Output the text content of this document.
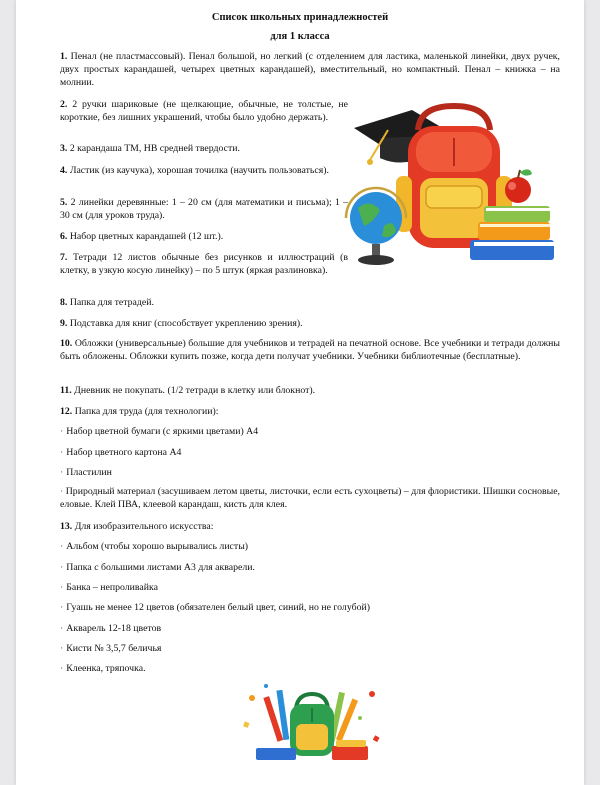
Список школьных принадлежностей
для 1 класса

1. Пенал (не пластмассовый). Пенал большой, но легкий (с отделением для ластика, маленькой линейки, двух ручек, двух простых карандашей, четырех цветных карандашей), вместительный, но компактный. Пенал – книжка – на молнии.

2. 2 ручки шариковые (не щелкающие, обычные, не толстые, не короткие, без лишних украшений, чтобы было удобно держать).

3. 2 карандаша ТМ, НВ средней твердости.

4. Ластик (из каучука), хорошая точилка (научить пользоваться).

5. 2 линейки деревянные: 1 – 20 см (для математики и письма); 1 – 30 см (для уроков труда).

6. Набор цветных карандашей (12 шт.).

7. Тетради 12 листов обычные без рисунков и иллюстраций (в клетку, в узкую косую линейку) – по 5 штук (яркая разлиновка).

8. Папка для тетрадей.

9. Подставка для книг (способствует укреплению зрения).

10. Обложки (универсальные) большие для учебников и тетрадей на печатной основе. Все учебники и тетради должны быть обложены. Обложки купить позже, когда дети получат учебники. Учебники библиотечные (бесплатные).

11. Дневник не покупать. (1/2 тетради в клетку или блокнот).

12. Папка для труда (для технологии):

· Набор цветной бумаги (с яркими цветами) А4
· Набор цветного картона А4
· Пластилин

· Природный материал (засушиваем летом цветы, листочки, если есть сухоцветы) – для флористики. Шишки сосновые, еловые. Клей ПВА, клеевой карандаш, кисть для клея.

13. Для изобразительного искусства:

· Альбом (чтобы хорошо вырывались листы)
· Папка с большими листами А3 для акварели.
· Банка – непроливайка
· Гуашь не менее 12 цветов (обязателен белый цвет, синий, но не голубой)
· Акварель 12-18 цветов
· Кисти № 3,5,7 беличья
· Клеенка, тряпочка.
